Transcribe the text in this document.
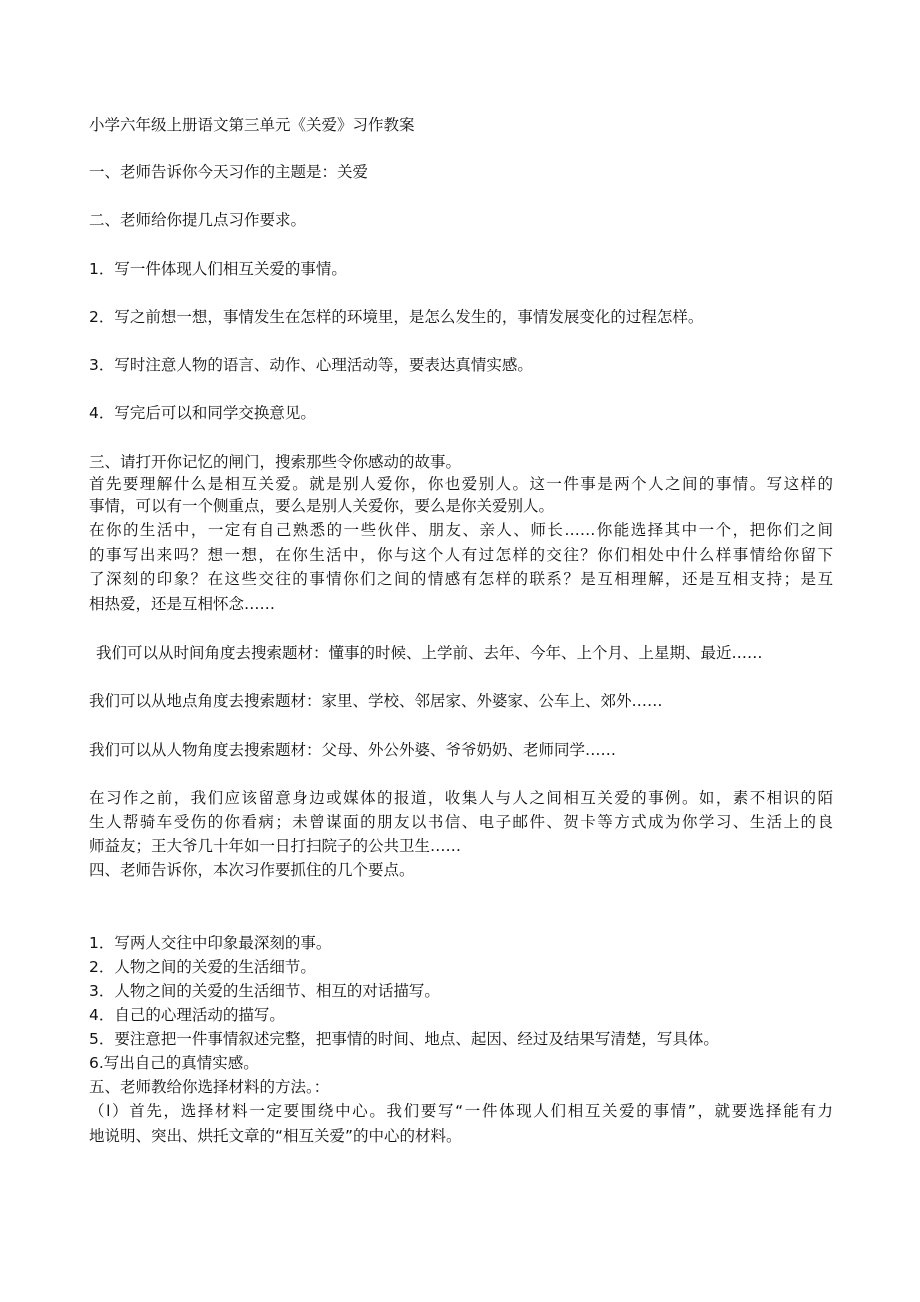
小学六年级上册语文第三单元《关爱》习作教案

一、老师告诉你今天习作的主题是：关爱

二、老师给你提几点习作要求。

1．写一件体现人们相互关爱的事情。

2．写之前想一想，事情发生在怎样的环境里，是怎么发生的，事情发展变化的过程怎样。

3．写时注意人物的语言、动作、心理活动等，要表达真情实感。

4．写完后可以和同学交换意见。

三、请打开你记忆的闸门，搜索那些令你感动的故事。

首先要理解什么是相互关爱。就是别人爱你，你也爱别人。这一件事是两个人之间的事情。写这样的

事情，可以有一个侧重点，要么是别人关爱你，要么是你关爱别人。

在你的生活中，一定有自己熟悉的一些伙伴、朋友、亲人、师长……你能选择其中一个，把你们之间

的事写出来吗？想一想，在你生活中，你与这个人有过怎样的交往？你们相处中什么样事情给你留下

了深刻的印象？在这些交往的事情你们之间的情感有怎样的联系？是互相理解，还是互相支持；是互

相热爱，还是互相怀念……

我们可以从时间角度去搜索题材：懂事的时候、上学前、去年、今年、上个月、上星期、最近……

我们可以从地点角度去搜索题材：家里、学校、邻居家、外婆家、公车上、郊外……

我们可以从人物角度去搜索题材：父母、外公外婆、爷爷奶奶、老师同学……

在习作之前，我们应该留意身边或媒体的报道，收集人与人之间相互关爱的事例。如，素不相识的陌

生人帮骑车受伤的你看病；未曾谋面的朋友以书信、电子邮件、贺卡等方式成为你学习、生活上的良

师益友；王大爷几十年如一日打扫院子的公共卫生……

四、老师告诉你，本次习作要抓住的几个要点。

1．写两人交往中印象最深刻的事。

2．人物之间的关爱的生活细节。

3．人物之间的关爱的生活细节、相互的对话描写。

4．自己的心理活动的描写。

5．要注意把一件事情叙述完整，把事情的时间、地点、起因、经过及结果写清楚，写具体。

6.写出自己的真情实感。

五、老师教给你选择材料的方法。：

（l）首先，选择材料一定要围绕中心。我们要写“一件体现人们相互关爱的事情”，就要选择能有力

地说明、突出、烘托文章的“相互关爱”的中心的材料。
